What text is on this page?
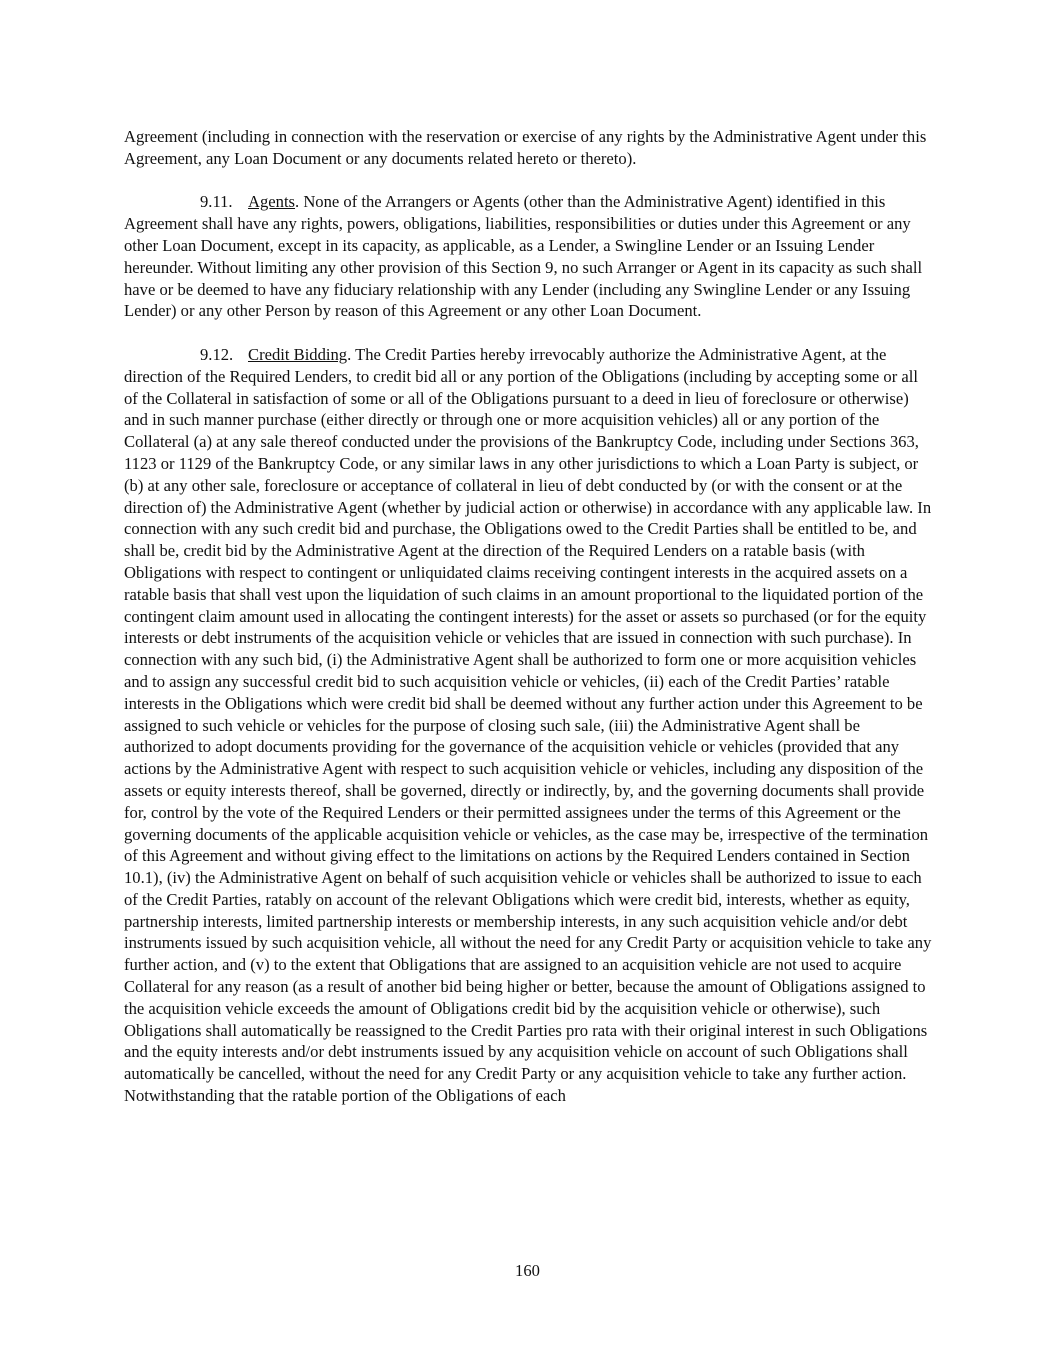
Agreement (including in connection with the reservation or exercise of any rights by the Administrative Agent under this Agreement, any Loan Document or any documents related hereto or thereto).

9.11. Agents. None of the Arrangers or Agents (other than the Administrative Agent) identified in this Agreement shall have any rights, powers, obligations, liabilities, responsibilities or duties under this Agreement or any other Loan Document, except in its capacity, as applicable, as a Lender, a Swingline Lender or an Issuing Lender hereunder. Without limiting any other provision of this Section 9, no such Arranger or Agent in its capacity as such shall have or be deemed to have any fiduciary relationship with any Lender (including any Swingline Lender or any Issuing Lender) or any other Person by reason of this Agreement or any other Loan Document.

9.12. Credit Bidding. The Credit Parties hereby irrevocably authorize the Administrative Agent, at the direction of the Required Lenders, to credit bid all or any portion of the Obligations (including by accepting some or all of the Collateral in satisfaction of some or all of the Obligations pursuant to a deed in lieu of foreclosure or otherwise) and in such manner purchase (either directly or through one or more acquisition vehicles) all or any portion of the Collateral (a) at any sale thereof conducted under the provisions of the Bankruptcy Code, including under Sections 363, 1123 or 1129 of the Bankruptcy Code, or any similar laws in any other jurisdictions to which a Loan Party is subject, or (b) at any other sale, foreclosure or acceptance of collateral in lieu of debt conducted by (or with the consent or at the direction of) the Administrative Agent (whether by judicial action or otherwise) in accordance with any applicable law. In connection with any such credit bid and purchase, the Obligations owed to the Credit Parties shall be entitled to be, and shall be, credit bid by the Administrative Agent at the direction of the Required Lenders on a ratable basis (with Obligations with respect to contingent or unliquidated claims receiving contingent interests in the acquired assets on a ratable basis that shall vest upon the liquidation of such claims in an amount proportional to the liquidated portion of the contingent claim amount used in allocating the contingent interests) for the asset or assets so purchased (or for the equity interests or debt instruments of the acquisition vehicle or vehicles that are issued in connection with such purchase). In connection with any such bid, (i) the Administrative Agent shall be authorized to form one or more acquisition vehicles and to assign any successful credit bid to such acquisition vehicle or vehicles, (ii) each of the Credit Parties’ ratable interests in the Obligations which were credit bid shall be deemed without any further action under this Agreement to be assigned to such vehicle or vehicles for the purpose of closing such sale, (iii) the Administrative Agent shall be authorized to adopt documents providing for the governance of the acquisition vehicle or vehicles (provided that any actions by the Administrative Agent with respect to such acquisition vehicle or vehicles, including any disposition of the assets or equity interests thereof, shall be governed, directly or indirectly, by, and the governing documents shall provide for, control by the vote of the Required Lenders or their permitted assignees under the terms of this Agreement or the governing documents of the applicable acquisition vehicle or vehicles, as the case may be, irrespective of the termination of this Agreement and without giving effect to the limitations on actions by the Required Lenders contained in Section 10.1), (iv) the Administrative Agent on behalf of such acquisition vehicle or vehicles shall be authorized to issue to each of the Credit Parties, ratably on account of the relevant Obligations which were credit bid, interests, whether as equity, partnership interests, limited partnership interests or membership interests, in any such acquisition vehicle and/or debt instruments issued by such acquisition vehicle, all without the need for any Credit Party or acquisition vehicle to take any further action, and (v) to the extent that Obligations that are assigned to an acquisition vehicle are not used to acquire Collateral for any reason (as a result of another bid being higher or better, because the amount of Obligations assigned to the acquisition vehicle exceeds the amount of Obligations credit bid by the acquisition vehicle or otherwise), such Obligations shall automatically be reassigned to the Credit Parties pro rata with their original interest in such Obligations and the equity interests and/or debt instruments issued by any acquisition vehicle on account of such Obligations shall automatically be cancelled, without the need for any Credit Party or any acquisition vehicle to take any further action. Notwithstanding that the ratable portion of the Obligations of each

160
